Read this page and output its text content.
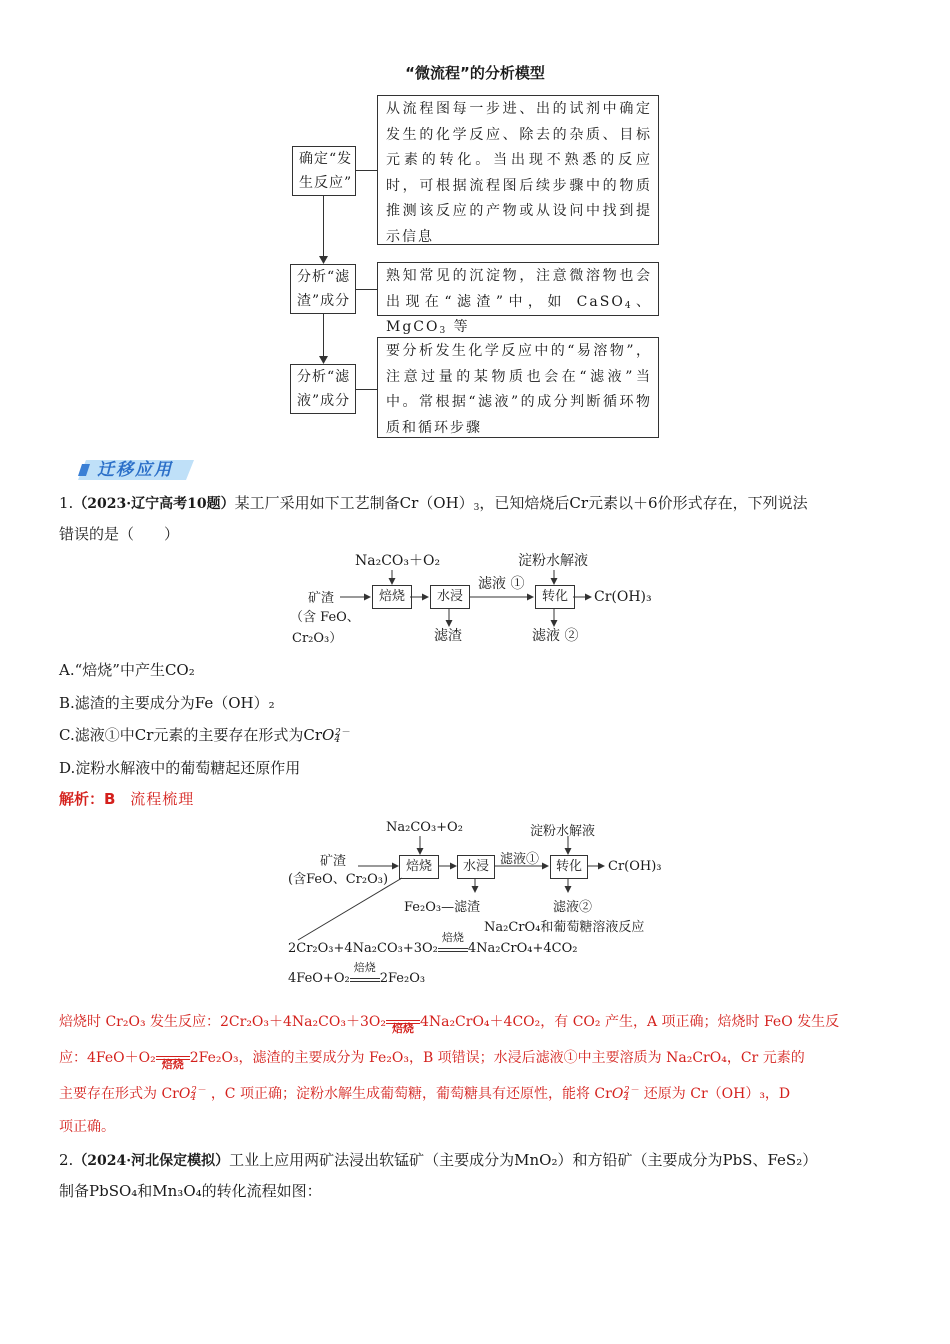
“微流程”的分析模型
确定“发
生反应”
从流程图每一步进、出的试剂中确定发生的化学反应、除去的杂质、目标元素的转化。当出现不熟悉的反应时，可根据流程图后续步骤中的物质推测该反应的产物或从设问中找到提示信息
分析“滤
渣”成分
熟知常见的沉淀物，注意微溶物也会出现在“滤渣”中，如 CaSO$_4$、MgCO$_3$ 等
分析“滤
液”成分
要分析发生化学反应中的“易溶物”，注意过量的某物质也会在“滤液”当中。常根据“滤液”的成分判断循环物质和循环步骤
迁移应用
1.（2023·辽宁高考10题）某工厂采用如下工艺制备$Cr(OH)_3$，已知焙烧后Cr元素以＋6价形式存在，下列说法
错误的是（　　）
Na₂CO₃＋O₂
矿渣
（含 FeO、
Cr₂O₃）
焙烧	水浸
滤液 ①
淀粉水解液
转化	Cr(OH)₃
滤渣	滤液 ②
A.“焙烧”中产生CO₂
B.滤渣的主要成分为Fe（OH）₂
C.滤液①中Cr元素的主要存在形式为CrO$_4^{2-}$
D.淀粉水解液中的葡萄糖起还原作用
解析：B 流程梳理
Na₂CO₃+O₂	淀粉水解液
矿渣
(含FeO、Cr₂O₃)
焙烧	水浸 滤液①	转化	Cr(OH)₃
Fe₂O₃—滤渣	滤液②
Na₂CrO₄和葡萄糖溶液反应
2Cr₂O₃+4Na₂CO₃+3O₂
焙烧
4Na₂CrO₄+4CO₂
4FeO+O₂
焙烧
2Fe₂O₃
焙烧时 Cr₂O₃ 发生反应：2Cr₂O₃＋4Na₂CO₃＋3O₂ 焙烧 4Na₂CrO₄＋4CO₂，有 CO₂ 产生，A 项正确；焙烧时 FeO 发生反
应：4FeO＋O₂ 焙烧 2Fe₂O₃，滤渣的主要成分为 Fe₂O₃，B 项错误；水浸后滤液①中主要溶质为 Na₂CrO₄，Cr 元素的
主要存在形式为 CrO$_4^{2-}$ ，C 项正确；淀粉水解生成葡萄糖，葡萄糖具有还原性，能将 CrO$_4^{2-}$ 还原为 Cr（OH）₃，D
项正确。
2.（2024·河北保定模拟）工业上应用两矿法浸出软锰矿（主要成分为MnO₂）和方铅矿（主要成分为PbS、FeS₂）
制备PbSO₄和Mn₃O₄的转化流程如图：
